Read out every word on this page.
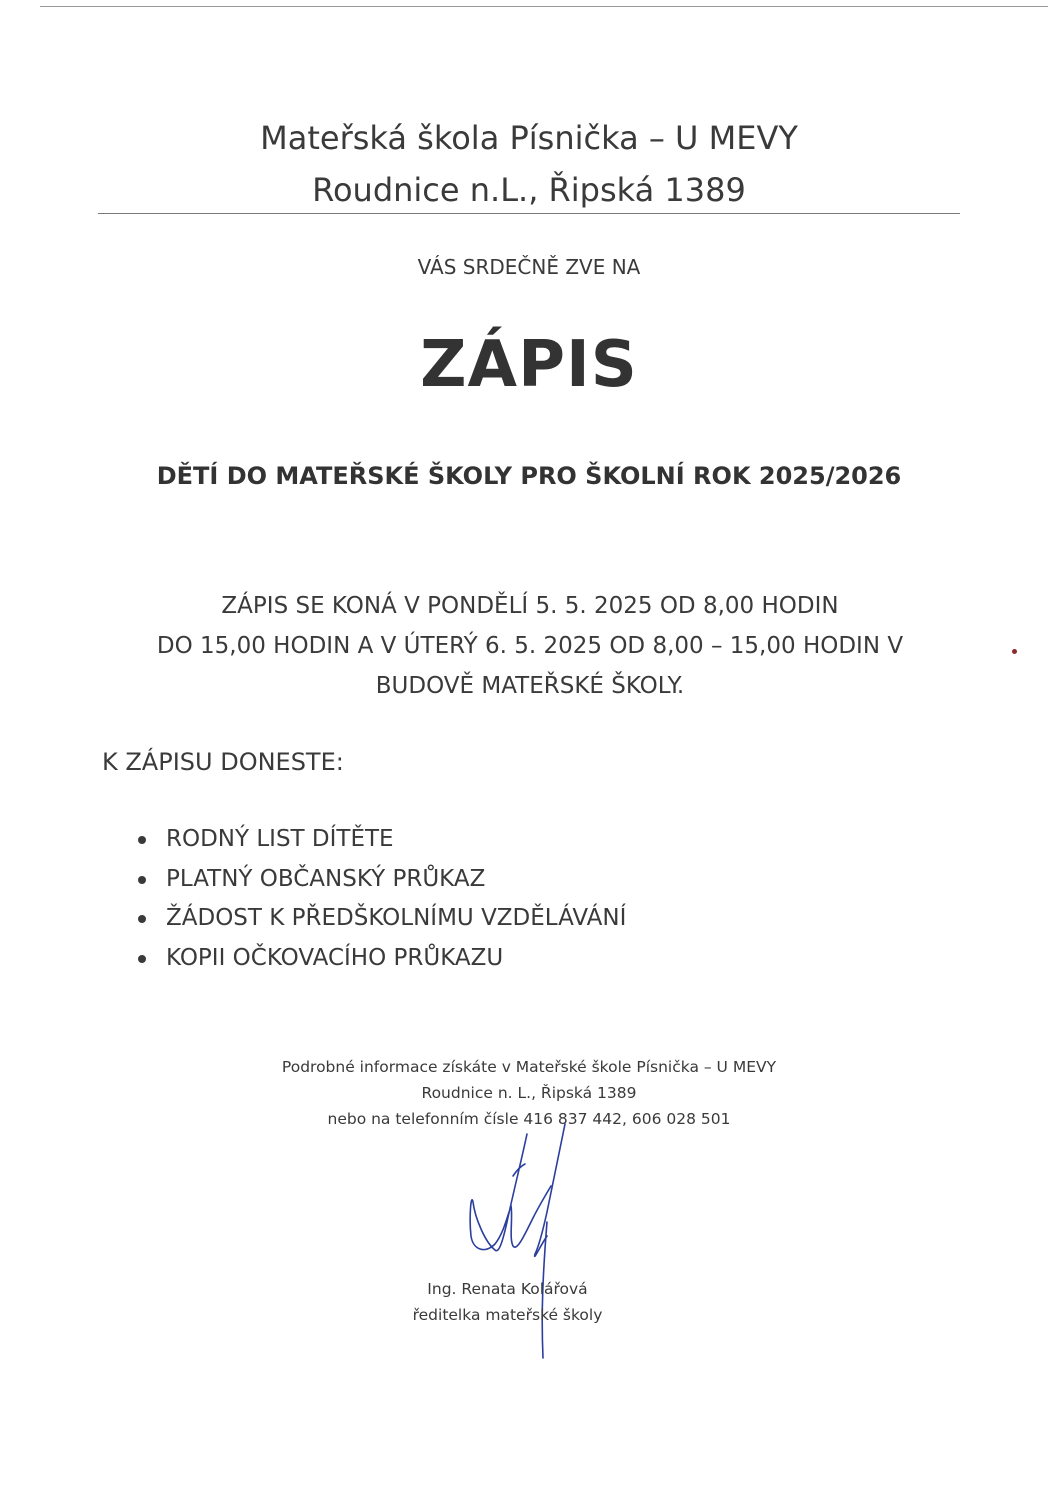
Mateřská škola Písnička – U MEVY
Roudnice n.L., Řipská 1389
VÁS SRDEČNĚ ZVE NA
ZÁPIS
DĚTÍ DO MATEŘSKÉ ŠKOLY PRO ŠKOLNÍ ROK 2025/2026
ZÁPIS SE KONÁ V PONDĚLÍ 5. 5. 2025 OD 8,00 HODIN
DO 15,00 HODIN A V ÚTERÝ 6. 5. 2025 OD 8,00 – 15,00 HODIN V
BUDOVĚ MATEŘSKÉ ŠKOLY.
K ZÁPISU DONESTE:
RODNÝ LIST DÍTĚTE
PLATNÝ OBČANSKÝ PRŮKAZ
ŽÁDOST K PŘEDŠKOLNÍMU VZDĚLÁVÁNÍ
KOPII OČKOVACÍHO PRŮKAZU
Podrobné informace získáte v Mateřské škole Písnička – U MEVY
Roudnice n. L., Řipská 1389
nebo na telefonním čísle 416 837 442, 606 028 501
Ing. Renata Kolářová
ředitelka mateřské školy
